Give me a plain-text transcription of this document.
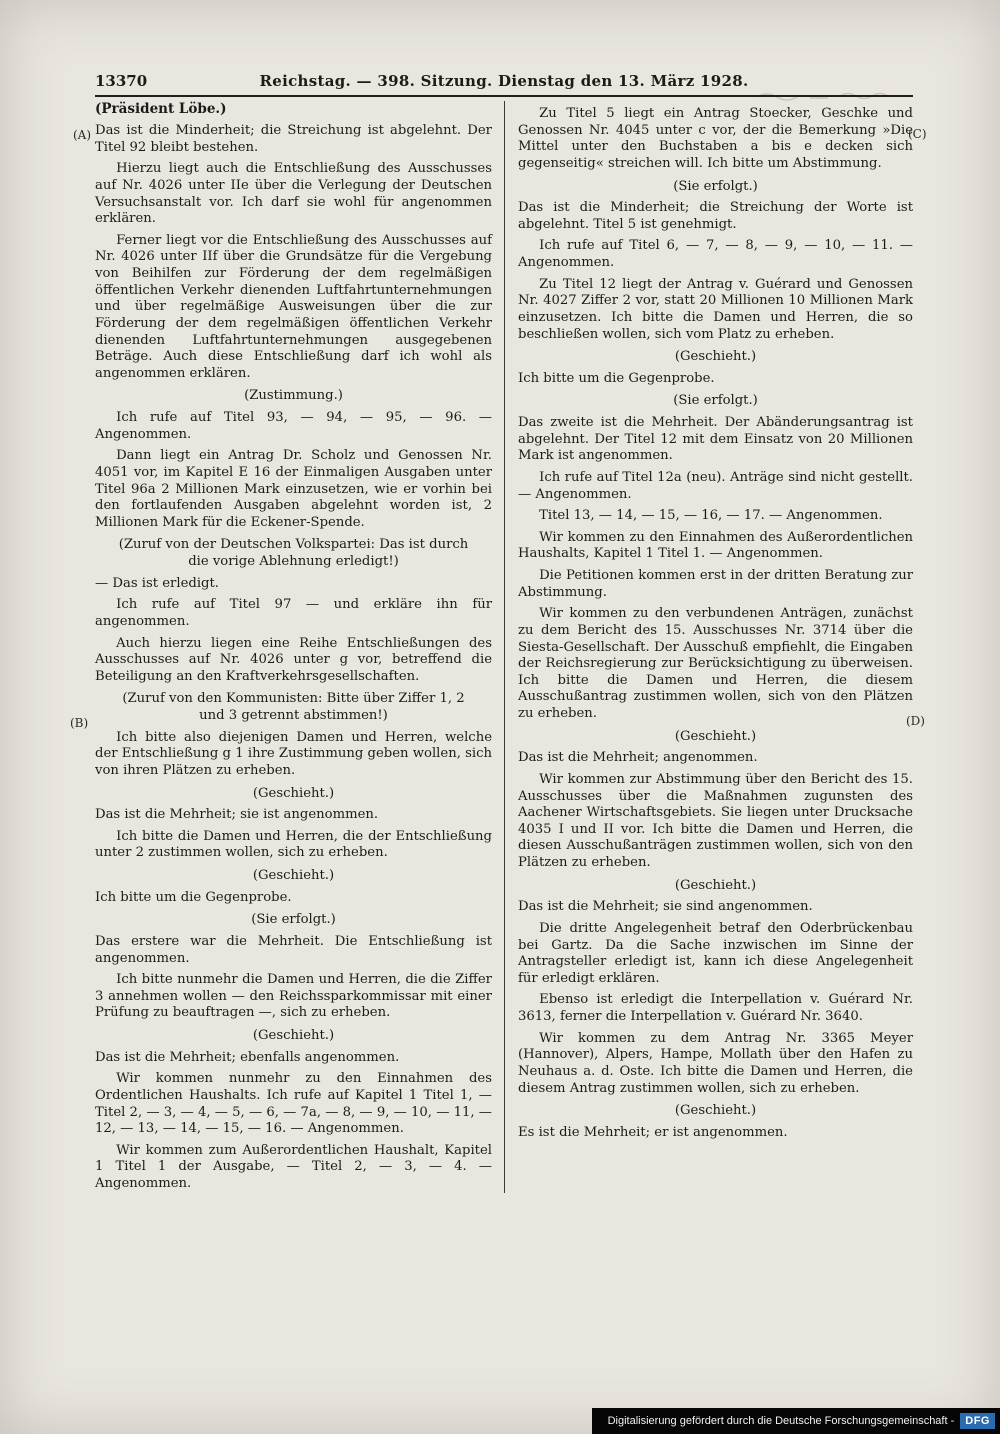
13370	Reichstag. — 398. Sitzung. Dienstag den 13. März 1928.
(Präsident Löbe.)

Das ist die Minderheit; die Streichung ist abgelehnt. Der Titel 92 bleibt bestehen.

Hierzu liegt auch die Entschließung des Ausschusses auf Nr. 4026 unter IIe über die Verlegung der Deutschen Versuchsanstalt vor. Ich darf sie wohl für angenommen erklären.

Ferner liegt vor die Entschließung des Ausschusses auf Nr. 4026 unter IIf über die Grundsätze für die Vergebung von Beihilfen zur Förderung der dem regelmäßigen öffentlichen Verkehr dienenden Luftfahrtunternehmungen und über regelmäßige Ausweisungen über die zur Förderung der dem regelmäßigen öffentlichen Verkehr dienenden Luftfahrtunternehmungen ausgegebenen Beträge. Auch diese Entschließung darf ich wohl als angenommen erklären.

(Zustimmung.)

Ich rufe auf Titel 93, — 94, — 95, — 96. — Angenommen.

Dann liegt ein Antrag Dr. Scholz und Genossen Nr. 4051 vor, im Kapitel E 16 der Einmaligen Ausgaben unter Titel 96a 2 Millionen Mark einzusetzen, wie er vorhin bei den fortlaufenden Ausgaben abgelehnt worden ist, 2 Millionen Mark für die Eckener-Spende.

(Zuruf von der Deutschen Volkspartei: Das ist durch die vorige Ablehnung erledigt!)

— Das ist erledigt.

Ich rufe auf Titel 97 — und erkläre ihn für angenommen.

Auch hierzu liegen eine Reihe Entschließungen des Ausschusses auf Nr. 4026 unter g vor, betreffend die Beteiligung an den Kraftverkehrsgesellschaften.

(Zuruf von den Kommunisten: Bitte über Ziffer 1, 2 und 3 getrennt abstimmen!)

Ich bitte also diejenigen Damen und Herren, welche der Entschließung g 1 ihre Zustimmung geben wollen, sich von ihren Plätzen zu erheben.

(Geschieht.)

Das ist die Mehrheit; sie ist angenommen.

Ich bitte die Damen und Herren, die der Entschließung unter 2 zustimmen wollen, sich zu erheben.

(Geschieht.)

Ich bitte um die Gegenprobe.

(Sie erfolgt.)

Das erstere war die Mehrheit. Die Entschließung ist angenommen.

Ich bitte nunmehr die Damen und Herren, die die Ziffer 3 annehmen wollen — den Reichssparkommissar mit einer Prüfung zu beauftragen —, sich zu erheben.

(Geschieht.)

Das ist die Mehrheit; ebenfalls angenommen.

Wir kommen nunmehr zu den Einnahmen des Ordentlichen Haushalts. Ich rufe auf Kapitel 1 Titel 1, — Titel 2, — 3, — 4, — 5, — 6, — 7a, — 8, — 9, — 10, — 11, — 12, — 13, — 14, — 15, — 16. — Angenommen.

Wir kommen zum Außerordentlichen Haushalt, Kapitel 1 Titel 1 der Ausgabe, — Titel 2, — 3, — 4. — Angenommen.

Zu Titel 5 liegt ein Antrag Stoecker, Geschke und Genossen Nr. 4045 unter c vor, der die Bemerkung »Die Mittel unter den Buchstaben a bis e decken sich gegenseitig« streichen will. Ich bitte um Abstimmung.

(Sie erfolgt.)

Das ist die Minderheit; die Streichung der Worte ist abgelehnt. Titel 5 ist genehmigt.

Ich rufe auf Titel 6, — 7, — 8, — 9, — 10, — 11. — Angenommen.

Zu Titel 12 liegt der Antrag v. Guérard und Genossen Nr. 4027 Ziffer 2 vor, statt 20 Millionen 10 Millionen Mark einzusetzen. Ich bitte die Damen und Herren, die so beschließen wollen, sich vom Platz zu erheben.

(Geschieht.)

Ich bitte um die Gegenprobe.

(Sie erfolgt.)

Das zweite ist die Mehrheit. Der Abänderungsantrag ist abgelehnt. Der Titel 12 mit dem Einsatz von 20 Millionen Mark ist angenommen.

Ich rufe auf Titel 12a (neu). Anträge sind nicht gestellt. — Angenommen.

Titel 13, — 14, — 15, — 16, — 17. — Angenommen.

Wir kommen zu den Einnahmen des Außerordentlichen Haushalts, Kapitel 1 Titel 1. — Angenommen.

Die Petitionen kommen erst in der dritten Beratung zur Abstimmung.

Wir kommen zu den verbundenen Anträgen, zunächst zu dem Bericht des 15. Ausschusses Nr. 3714 über die Siesta-Gesellschaft. Der Ausschuß empfiehlt, die Eingaben der Reichsregierung zur Berücksichtigung zu überweisen. Ich bitte die Damen und Herren, die diesem Ausschußantrag zustimmen wollen, sich von den Plätzen zu erheben.

(Geschieht.)

Das ist die Mehrheit; angenommen.

Wir kommen zur Abstimmung über den Bericht des 15. Ausschusses über die Maßnahmen zugunsten des Aachener Wirtschaftsgebiets. Sie liegen unter Drucksache 4035 I und II vor. Ich bitte die Damen und Herren, die diesen Ausschußanträgen zustimmen wollen, sich von den Plätzen zu erheben.

(Geschieht.)

Das ist die Mehrheit; sie sind angenommen.

Die dritte Angelegenheit betraf den Oderbrückenbau bei Gartz. Da die Sache inzwischen im Sinne der Antragsteller erledigt ist, kann ich diese Angelegenheit für erledigt erklären.

Ebenso ist erledigt die Interpellation v. Guérard Nr. 3613, ferner die Interpellation v. Guérard Nr. 3640.

Wir kommen zu dem Antrag Nr. 3365 Meyer (Hannover), Alpers, Hampe, Mollath über den Hafen zu Neuhaus a. d. Oste. Ich bitte die Damen und Herren, die diesem Antrag zustimmen wollen, sich zu erheben.

(Geschieht.)

Es ist die Mehrheit; er ist angenommen.

(A)
(B)
(C)
(D)
Digitalisierung gefördert durch die Deutsche Forschungsgemeinschaft -	DFG
